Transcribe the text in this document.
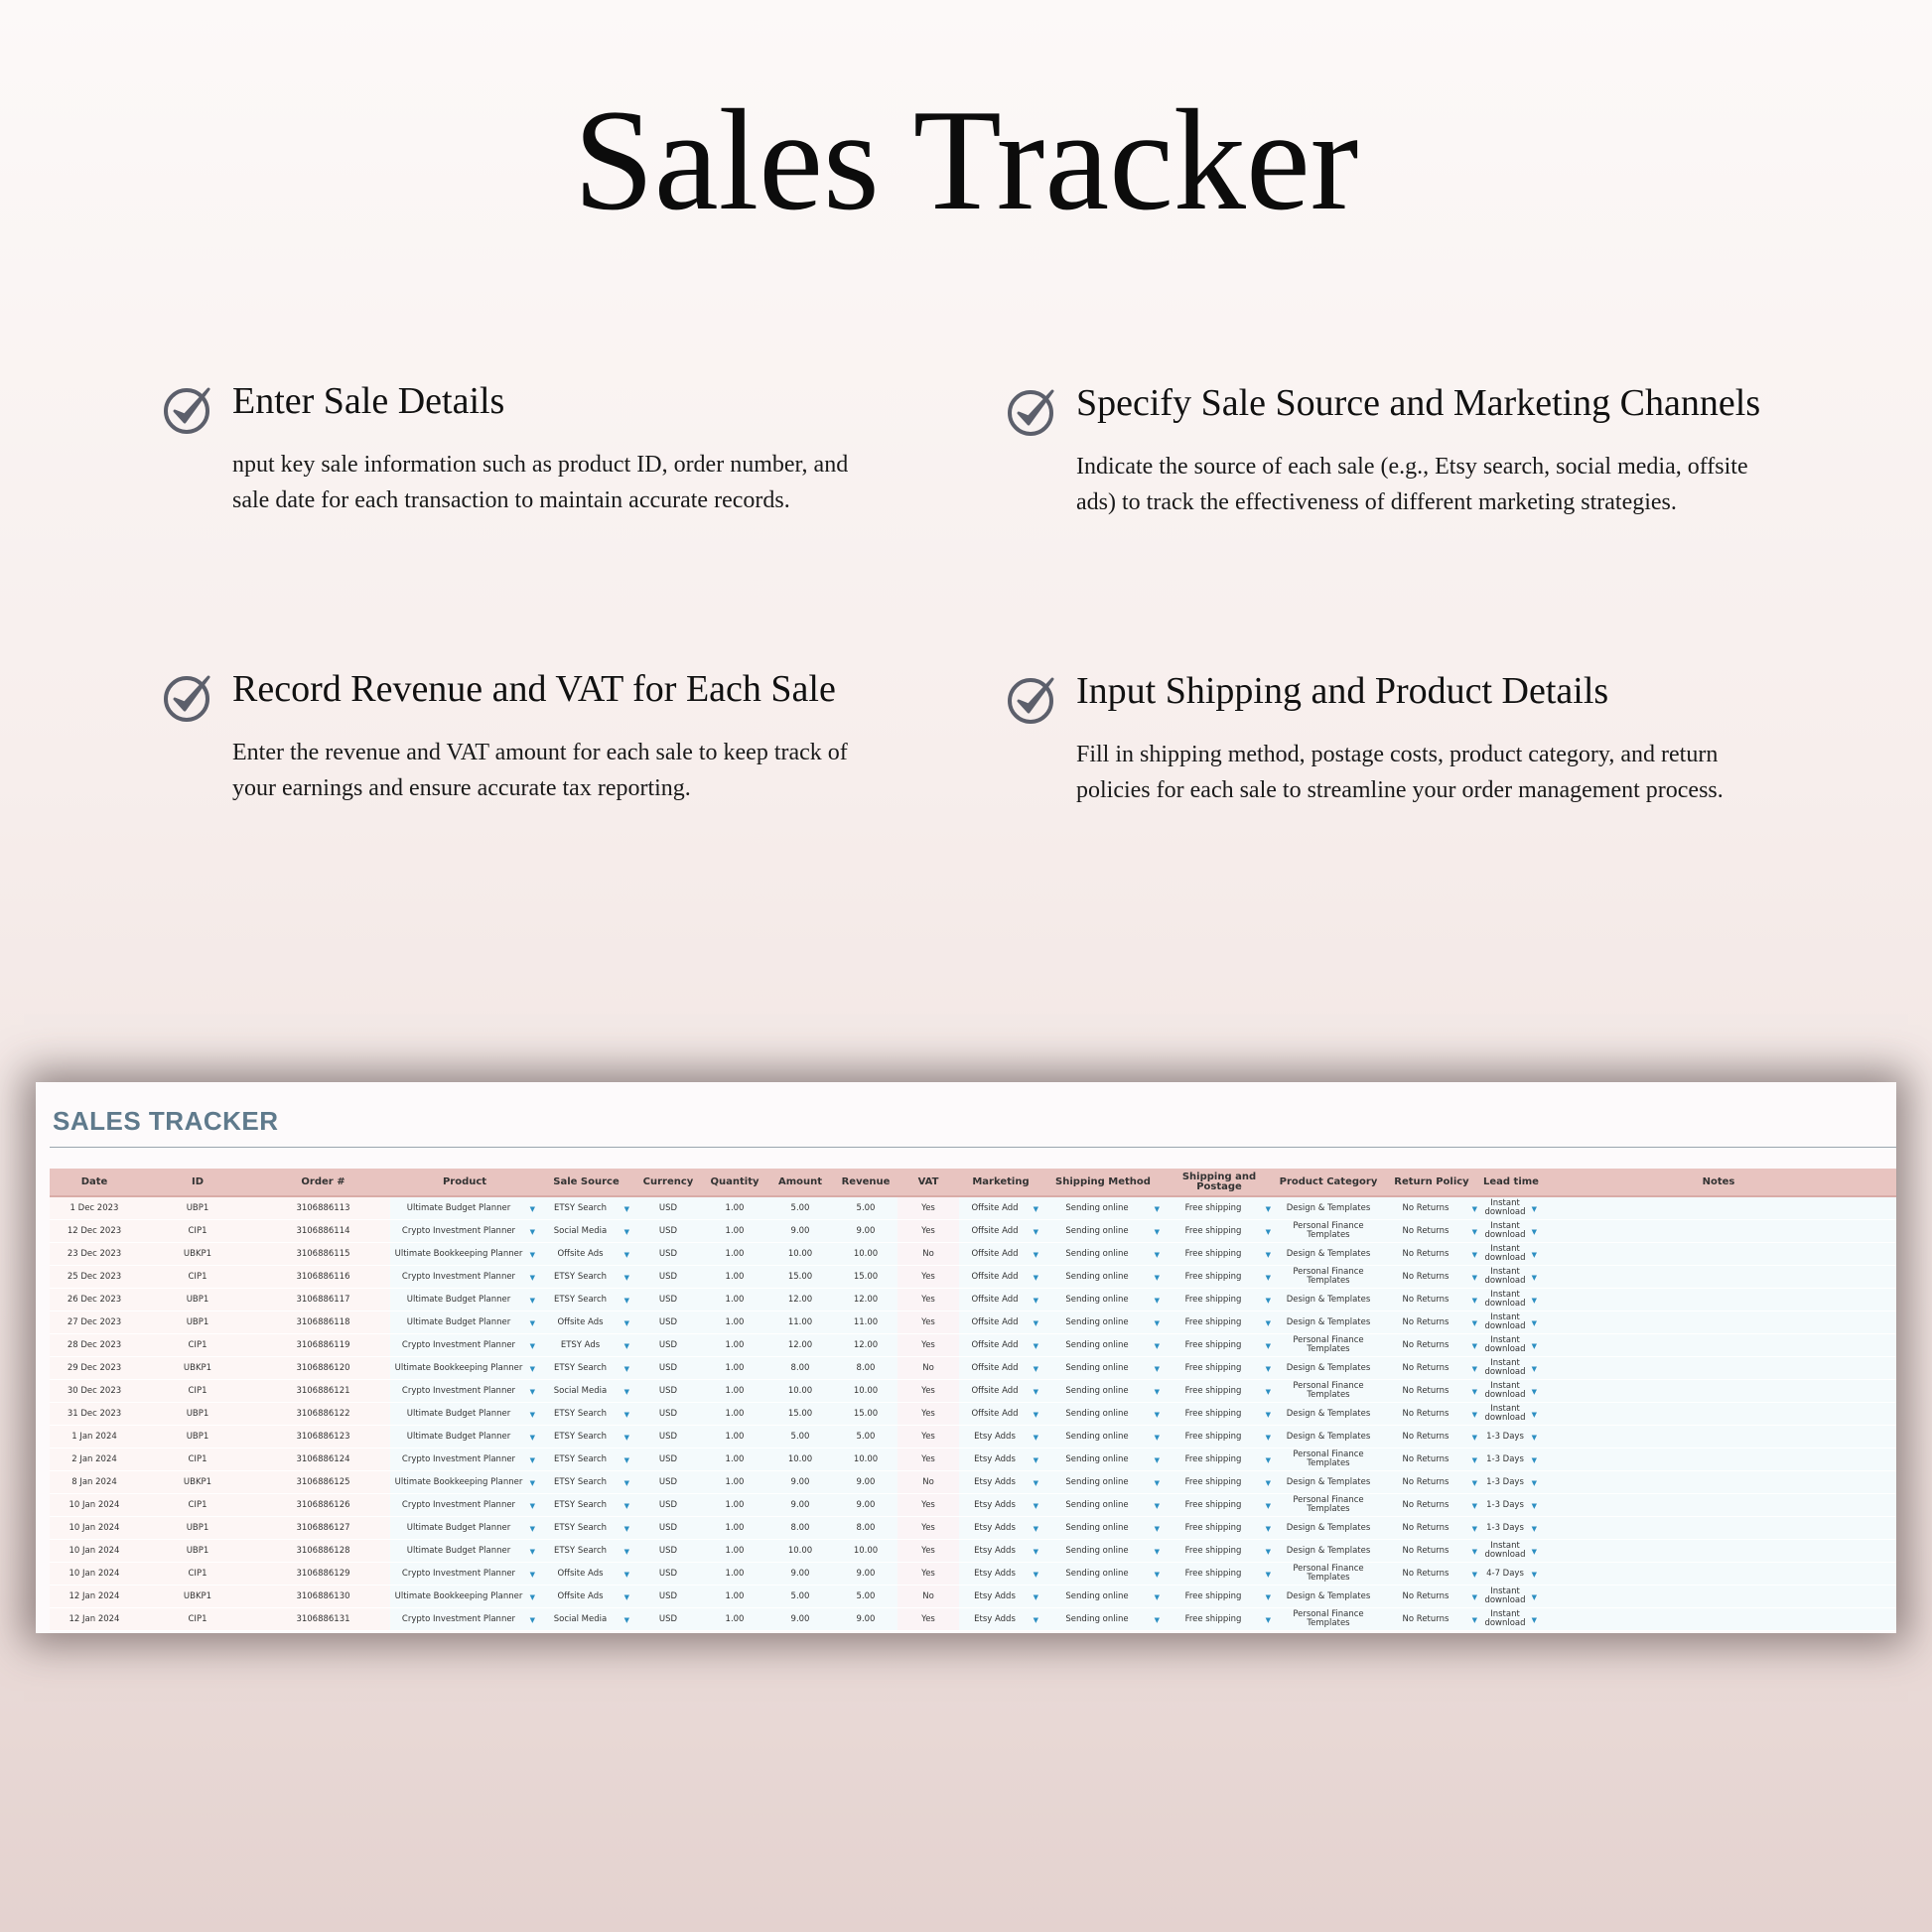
Sales Tracker
Enter Sale Details

nput key sale information such as product ID, order number, and sale date for each transaction to maintain accurate records.

Specify Sale Source and Marketing Channels

Indicate the source of each sale (e.g., Etsy search, social media, offsite ads) to track the effectiveness of different marketing strategies.

Record Revenue and VAT for Each Sale

Enter the revenue and VAT amount for each sale to keep track of your earnings and ensure accurate tax reporting.

Input Shipping and Product Details

Fill in shipping method, postage costs, product category, and return policies for each sale to streamline your order management process.

SALES TRACKER
Date	ID	Order #	Product	Sale Source	Currency	Quantity	Amount	Revenue	VAT	Marketing	Shipping Method	Shipping and Postage	Product Category	Return Policy	Lead time	Notes
1 Dec 2023	UBP1	3106886113	Ultimate Budget Planner ▼	ETSY Search ▼	USD	1.00	5.00	5.00	Yes	Offsite Add ▼	Sending online ▼	Free shipping ▼	Design & Templates	No Returns ▼	Instant download ▼	

12 Dec 2023	CIP1	3106886114	Crypto Investment Planner ▼	Social Media ▼	USD	1.00	9.00	9.00	Yes	Offsite Add ▼	Sending online ▼	Free shipping ▼	Personal Finance Templates	No Returns ▼	Instant download ▼	

23 Dec 2023	UBKP1	3106886115	Ultimate Bookkeeping Planner ▼	Offsite Ads ▼	USD	1.00	10.00	10.00	No	Offsite Add ▼	Sending online ▼	Free shipping ▼	Design & Templates	No Returns ▼	Instant download ▼	

25 Dec 2023	CIP1	3106886116	Crypto Investment Planner ▼	ETSY Search ▼	USD	1.00	15.00	15.00	Yes	Offsite Add ▼	Sending online ▼	Free shipping ▼	Personal Finance Templates	No Returns ▼	Instant download ▼	

26 Dec 2023	UBP1	3106886117	Ultimate Budget Planner ▼	ETSY Search ▼	USD	1.00	12.00	12.00	Yes	Offsite Add ▼	Sending online ▼	Free shipping ▼	Design & Templates	No Returns ▼	Instant download ▼	

27 Dec 2023	UBP1	3106886118	Ultimate Budget Planner ▼	Offsite Ads ▼	USD	1.00	11.00	11.00	Yes	Offsite Add ▼	Sending online ▼	Free shipping ▼	Design & Templates	No Returns ▼	Instant download ▼	

28 Dec 2023	CIP1	3106886119	Crypto Investment Planner ▼	ETSY Ads ▼	USD	1.00	12.00	12.00	Yes	Offsite Add ▼	Sending online ▼	Free shipping ▼	Personal Finance Templates	No Returns ▼	Instant download ▼	

29 Dec 2023	UBKP1	3106886120	Ultimate Bookkeeping Planner ▼	ETSY Search ▼	USD	1.00	8.00	8.00	No	Offsite Add ▼	Sending online ▼	Free shipping ▼	Design & Templates	No Returns ▼	Instant download ▼	

30 Dec 2023	CIP1	3106886121	Crypto Investment Planner ▼	Social Media ▼	USD	1.00	10.00	10.00	Yes	Offsite Add ▼	Sending online ▼	Free shipping ▼	Personal Finance Templates	No Returns ▼	Instant download ▼	

31 Dec 2023	UBP1	3106886122	Ultimate Budget Planner ▼	ETSY Search ▼	USD	1.00	15.00	15.00	Yes	Offsite Add ▼	Sending online ▼	Free shipping ▼	Design & Templates	No Returns ▼	Instant download ▼	

1 Jan 2024	UBP1	3106886123	Ultimate Budget Planner ▼	ETSY Search ▼	USD	1.00	5.00	5.00	Yes	Etsy Adds ▼	Sending online ▼	Free shipping ▼	Design & Templates	No Returns ▼	1-3 Days ▼	

2 Jan 2024	CIP1	3106886124	Crypto Investment Planner ▼	ETSY Search ▼	USD	1.00	10.00	10.00	Yes	Etsy Adds ▼	Sending online ▼	Free shipping ▼	Personal Finance Templates	No Returns ▼	1-3 Days ▼	

8 Jan 2024	UBKP1	3106886125	Ultimate Bookkeeping Planner ▼	ETSY Search ▼	USD	1.00	9.00	9.00	No	Etsy Adds ▼	Sending online ▼	Free shipping ▼	Design & Templates	No Returns ▼	1-3 Days ▼	

10 Jan 2024	CIP1	3106886126	Crypto Investment Planner ▼	ETSY Search ▼	USD	1.00	9.00	9.00	Yes	Etsy Adds ▼	Sending online ▼	Free shipping ▼	Personal Finance Templates	No Returns ▼	1-3 Days ▼	

10 Jan 2024	UBP1	3106886127	Ultimate Budget Planner ▼	ETSY Search ▼	USD	1.00	8.00	8.00	Yes	Etsy Adds ▼	Sending online ▼	Free shipping ▼	Design & Templates	No Returns ▼	1-3 Days ▼	

10 Jan 2024	UBP1	3106886128	Ultimate Budget Planner ▼	ETSY Search ▼	USD	1.00	10.00	10.00	Yes	Etsy Adds ▼	Sending online ▼	Free shipping ▼	Design & Templates	No Returns ▼	Instant download ▼	

10 Jan 2024	CIP1	3106886129	Crypto Investment Planner ▼	Offsite Ads ▼	USD	1.00	9.00	9.00	Yes	Etsy Adds ▼	Sending online ▼	Free shipping ▼	Personal Finance Templates	No Returns ▼	4-7 Days ▼	

12 Jan 2024	UBKP1	3106886130	Ultimate Bookkeeping Planner ▼	Offsite Ads ▼	USD	1.00	5.00	5.00	No	Etsy Adds ▼	Sending online ▼	Free shipping ▼	Design & Templates	No Returns ▼	Instant download ▼	

12 Jan 2024	CIP1	3106886131	Crypto Investment Planner ▼	Social Media ▼	USD	1.00	9.00	9.00	Yes	Etsy Adds ▼	Sending online ▼	Free shipping ▼	Personal Finance Templates	No Returns ▼	Instant download ▼	
